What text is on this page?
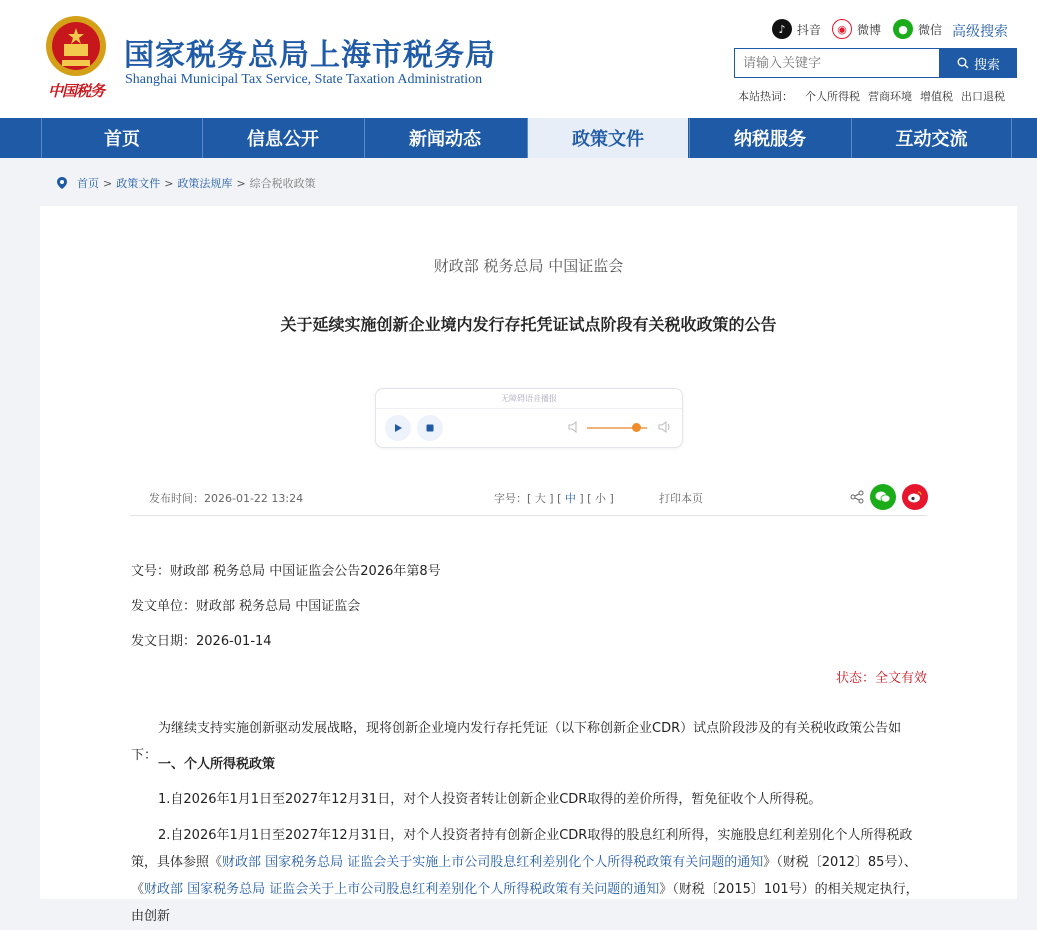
中国税务
国家税务总局上海市税务局
Shanghai Municipal Tax Service, State Taxation Administration
♪ 抖音	◉ 微博	● 微信 高级搜索
请输入关键字
搜索
本站热词： 个人所得税 营商环境 增值税 出口退税
首页	信息公开	新闻动态	政策文件	纳税服务	互动交流
首页 > 政策文件 > 政策法规库 > 综合税收政策
财政部 税务总局 中国证监会
关于延续实施创新企业境内发行存托凭证试点阶段有关税收政策的公告
无障碍语音播报
发布时间：2026-01-22 13:24	字号：[ 大 ] [ 中 ] [ 小 ]	打印本页
文号：财政部 税务总局 中国证监会公告2026年第8号
发文单位：财政部 税务总局 中国证监会
发文日期：2026-01-14
状态：全文有效
为继续支持实施创新驱动发展战略，现将创新企业境内发行存托凭证（以下称创新企业CDR）试点阶段涉及的有关税收政策公告如下：
一、个人所得税政策
1.自2026年1月1日至2027年12月31日，对个人投资者转让创新企业CDR取得的差价所得，暂免征收个人所得税。
2.自2026年1月1日至2027年12月31日，对个人投资者持有创新企业CDR取得的股息红利所得，实施股息红利差别化个人所得税政策，具体参照《财政部 国家税务总局 证监会关于实施上市公司股息红利差别化个人所得税政策有关问题的通知》（财税〔2012〕85号）、《财政部 国家税务总局 证监会关于上市公司股息红利差别化个人所得税政策有关问题的通知》（财税〔2015〕101号）的相关规定执行，由创新
